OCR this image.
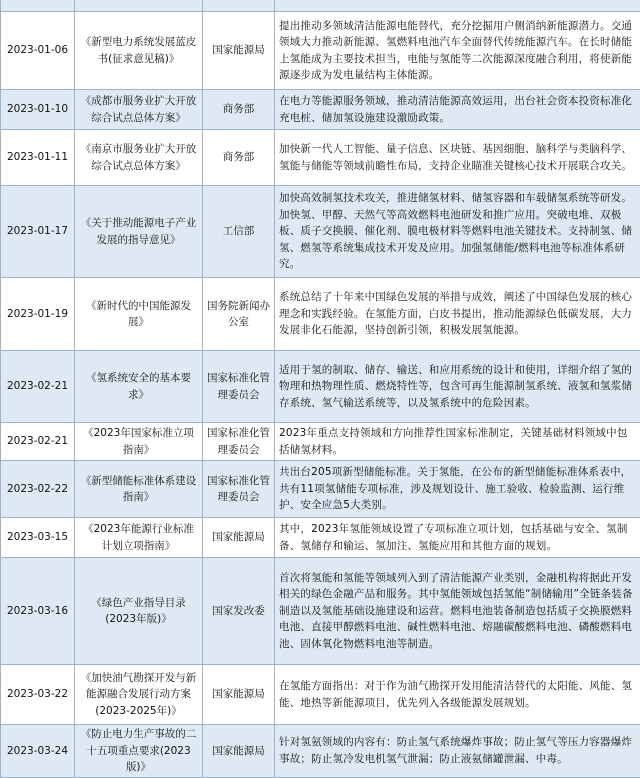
2023-01-06	《新型电力系统发展蓝皮书(征求意见稿)》	国家能源局	提出推动多领域清洁能源电能替代，充分挖掘用户侧消纳新能源潜力。交通领域大力推动新能源、氢燃料电池汽车全面替代传统能源汽车。在长时储能上氢能成为主要技术担当，电能与氢能等二次能源深度融合利用，将使新能源逐步成为发电量结构主体能源。
2023-01-10	《成都市服务业扩大开放综合试点总体方案》	商务部	在电力等能源服务领域，推动清洁能源高效运用，出台社会资本投资标准化充电桩、储加氢设施建设激励政策。
2023-01-11	《南京市服务业扩大开放综合试点总体方案》	商务部	加快新一代人工智能、量子信息、区块链、基因细胞、脑科学与类脑科学、氢能与储能等领域前瞻性布局，支持企业瞄准关键核心技术开展联合攻关。
2023-01-17	《关于推动能源电子产业发展的指导意见》	工信部	加快高效制氢技术攻关，推进储氢材料、储氢容器和车载储氢系统等研发。加快氢、甲醇、天然气等高效燃料电池研发和推广应用。突破电堆、双极板、质子交换膜、催化剂、膜电极材料等燃料电池关键技术。支持制氢、储氢、燃氢等系统集成技术开发及应用。加强氢储能/燃料电池等标准体系研究。
2023-01-19	《新时代的中国能源发展》	国务院新闻办公室	系统总结了十年来中国绿色发展的举措与成效，阐述了中国绿色发展的核心理念和实践经验。在氢能方面，白皮书提出，推动能源绿色低碳发展，大力发展非化石能源，坚持创新引领，积极发展氢能源。
2023-02-21	《氢系统安全的基本要求》	国家标准化管理委员会	适用于氢的制取、储存、输送、和应用系统的设计和使用，详细介绍了氢的物理和热物理性质、燃烧特性等，包含可再生能源制氢系统、液氢和氢浆储存系统、氢气输送系统等，以及氢系统中的危险因素。
2023-02-21	《2023年国家标准立项指南》	国家标准化管理委员会	2023年重点支持领域和方向推荐性国家标准制定，关键基础材料领域中包括储氢材料。
2023-02-22	《新型储能标准体系建设指南》	国家标准化管理委员会	共出台205项新型储能标准。关于氢能，在公布的新型储能标准体系表中，共有11项氢储能专项标准，涉及规划设计、施工验收、检验监测、运行维护、安全应急5大类别。
2023-03-15	《2023年能源行业标准计划立项指南》	国家能源局	其中，2023年氢能领域设置了专项标准立项计划，包括基础与安全、氢制备、氢储存和输运、氢加注、氢能应用和其他方面的规划。
2023-03-16	《绿色产业指导目录(2023年版)》	国家发改委	首次将氢能和氢能等领域列入到了清洁能源产业类别，金融机构将据此开发相关的绿色金融产品和服务。其中氢能领域包括氢能“制储输用”全链条装备制造以及氢能基础设施建设和运营。燃料电池装备制造包括质子交换膜燃料电池、直接甲醇燃料电池、碱性燃料电池、熔融碳酸燃料电池、磷酸燃料电池、固体氧化物燃料电池等制造。
2023-03-22	《加快油气勘探开发与新能源融合发展行动方案(2023-2025年)》	国家能源局	在氢能方面指出：对于作为油气勘探开发用能清洁替代的太阳能、风能、氢能、地热等新能源项目，优先列入各级能源发展规划。
2023-03-24	《防止电力生产事故的二十五项重点要求(2023版)》	国家能源局	针对氢氨领域的内容有：防止氢气系统爆炸事故；防止氢气等压力容器爆炸事故；防止氢冷发电机氢气泄漏；防止液氨储罐泄漏、中毒。
